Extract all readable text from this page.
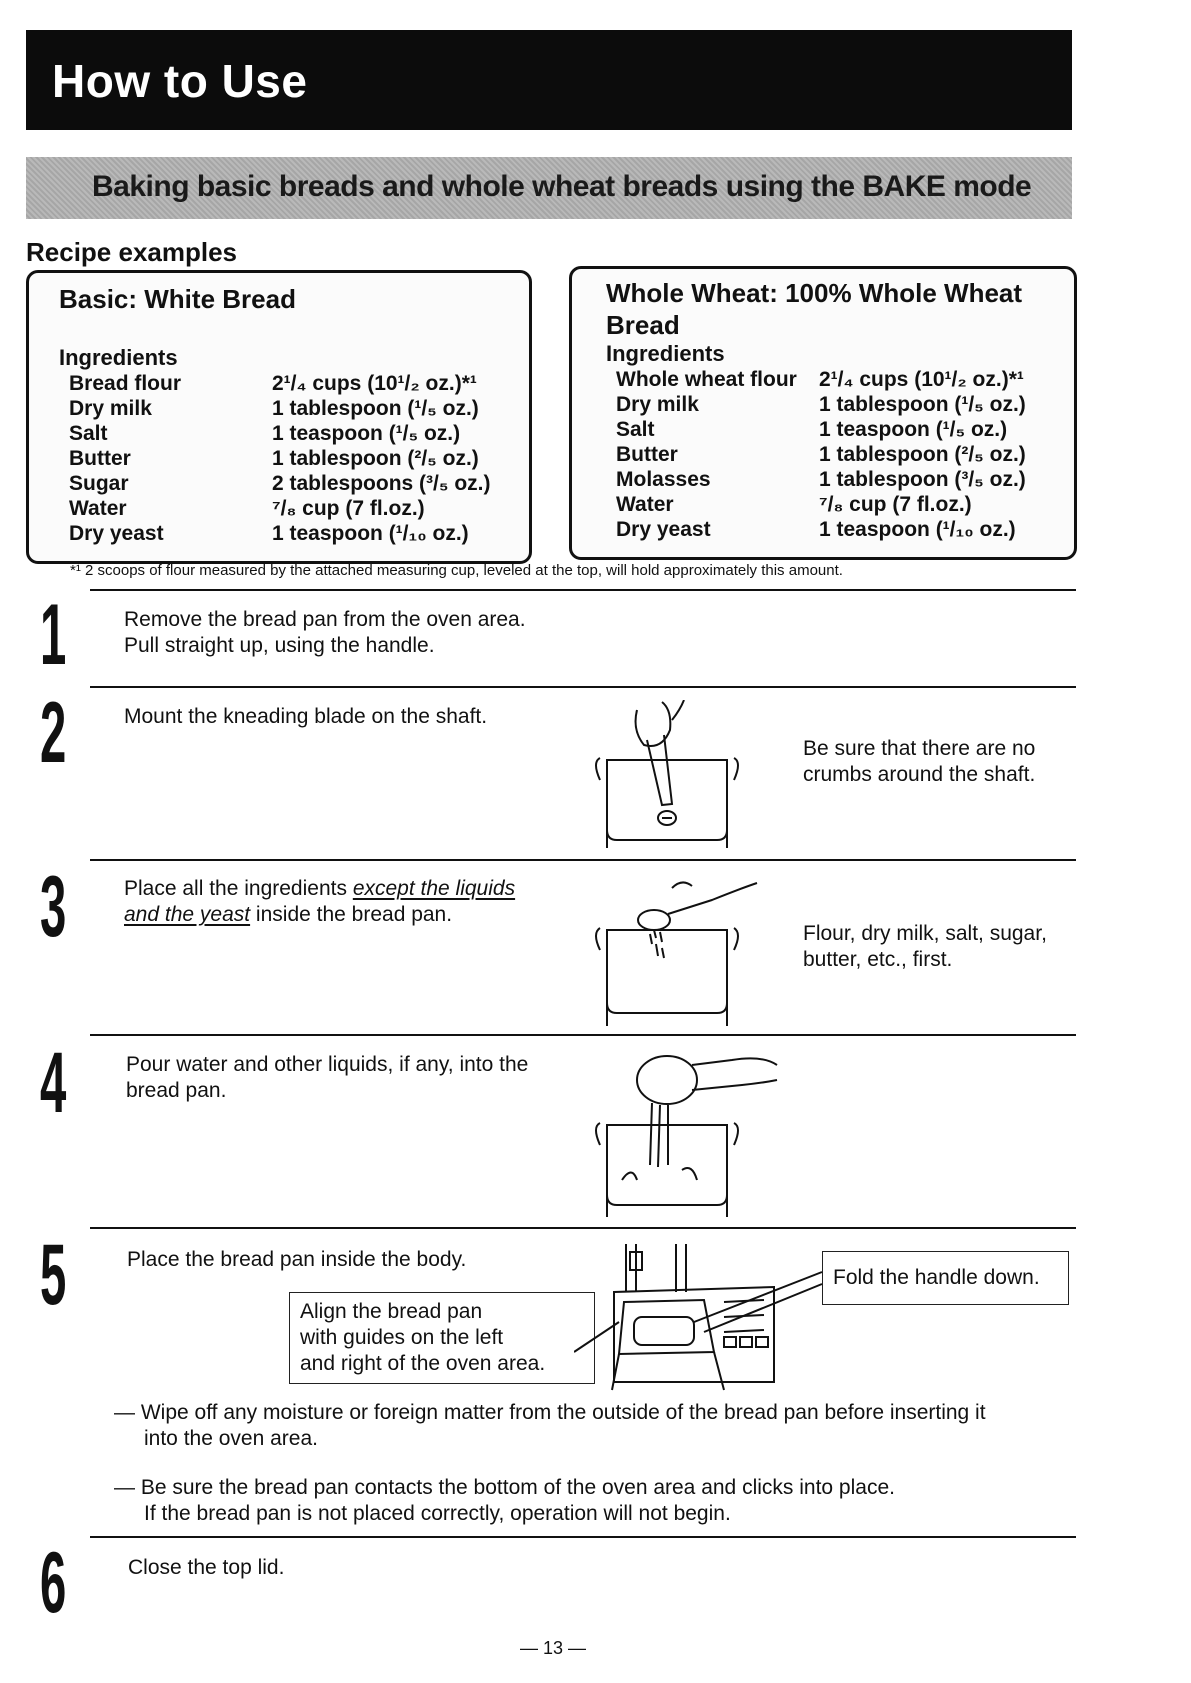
How to Use
Baking basic breads and whole wheat breads using the BAKE mode
Recipe examples
Basic: White Bread
Ingredients
Bread flour	2¹/₄ cups (10¹/₂ oz.)*¹
Dry milk	1 tablespoon (¹/₅ oz.)
Salt	1 teaspoon (¹/₅ oz.)
Butter	1 tablespoon (²/₅ oz.)
Sugar	2 tablespoons (³/₅ oz.)
Water	⁷/₈ cup (7 fl.oz.)
Dry yeast	1 teaspoon (¹/₁₀ oz.)
Whole Wheat: 100% Whole Wheat
Bread
Ingredients
Whole wheat flour 2¹/₄ cups (10¹/₂ oz.)*¹
Dry milk	1 tablespoon (¹/₅ oz.)
Salt	1 teaspoon (¹/₅ oz.)
Butter	1 tablespoon (²/₅ oz.)
Molasses	1 tablespoon (³/₅ oz.)
Water	⁷/₈ cup (7 fl.oz.)
Dry yeast	1 teaspoon (¹/₁₀ oz.)
*¹ 2 scoops of flour measured by the attached measuring cup, leveled at the top, will hold approximately this amount.
1	Remove the bread pan from the oven area.
Pull straight up, using the handle.
2	Mount the kneading blade on the shaft.
Be sure that there are no
crumbs around the shaft.
3	Place all the ingredients except the liquids
and the yeast inside the bread pan.
Flour, dry milk, salt, sugar,
butter, etc., first.
4	Pour water and other liquids, if any, into the
bread pan.
5	Place the bread pan inside the body.
Align the bread pan
with guides on the left
and right of the oven area.
Fold the handle down.
— Wipe off any moisture or foreign matter from the outside of the bread pan before inserting it
into the oven area.
— Be sure the bread pan contacts the bottom of the oven area and clicks into place.
If the bread pan is not placed correctly, operation will not begin.
6	Close the top lid.
— 13 —
